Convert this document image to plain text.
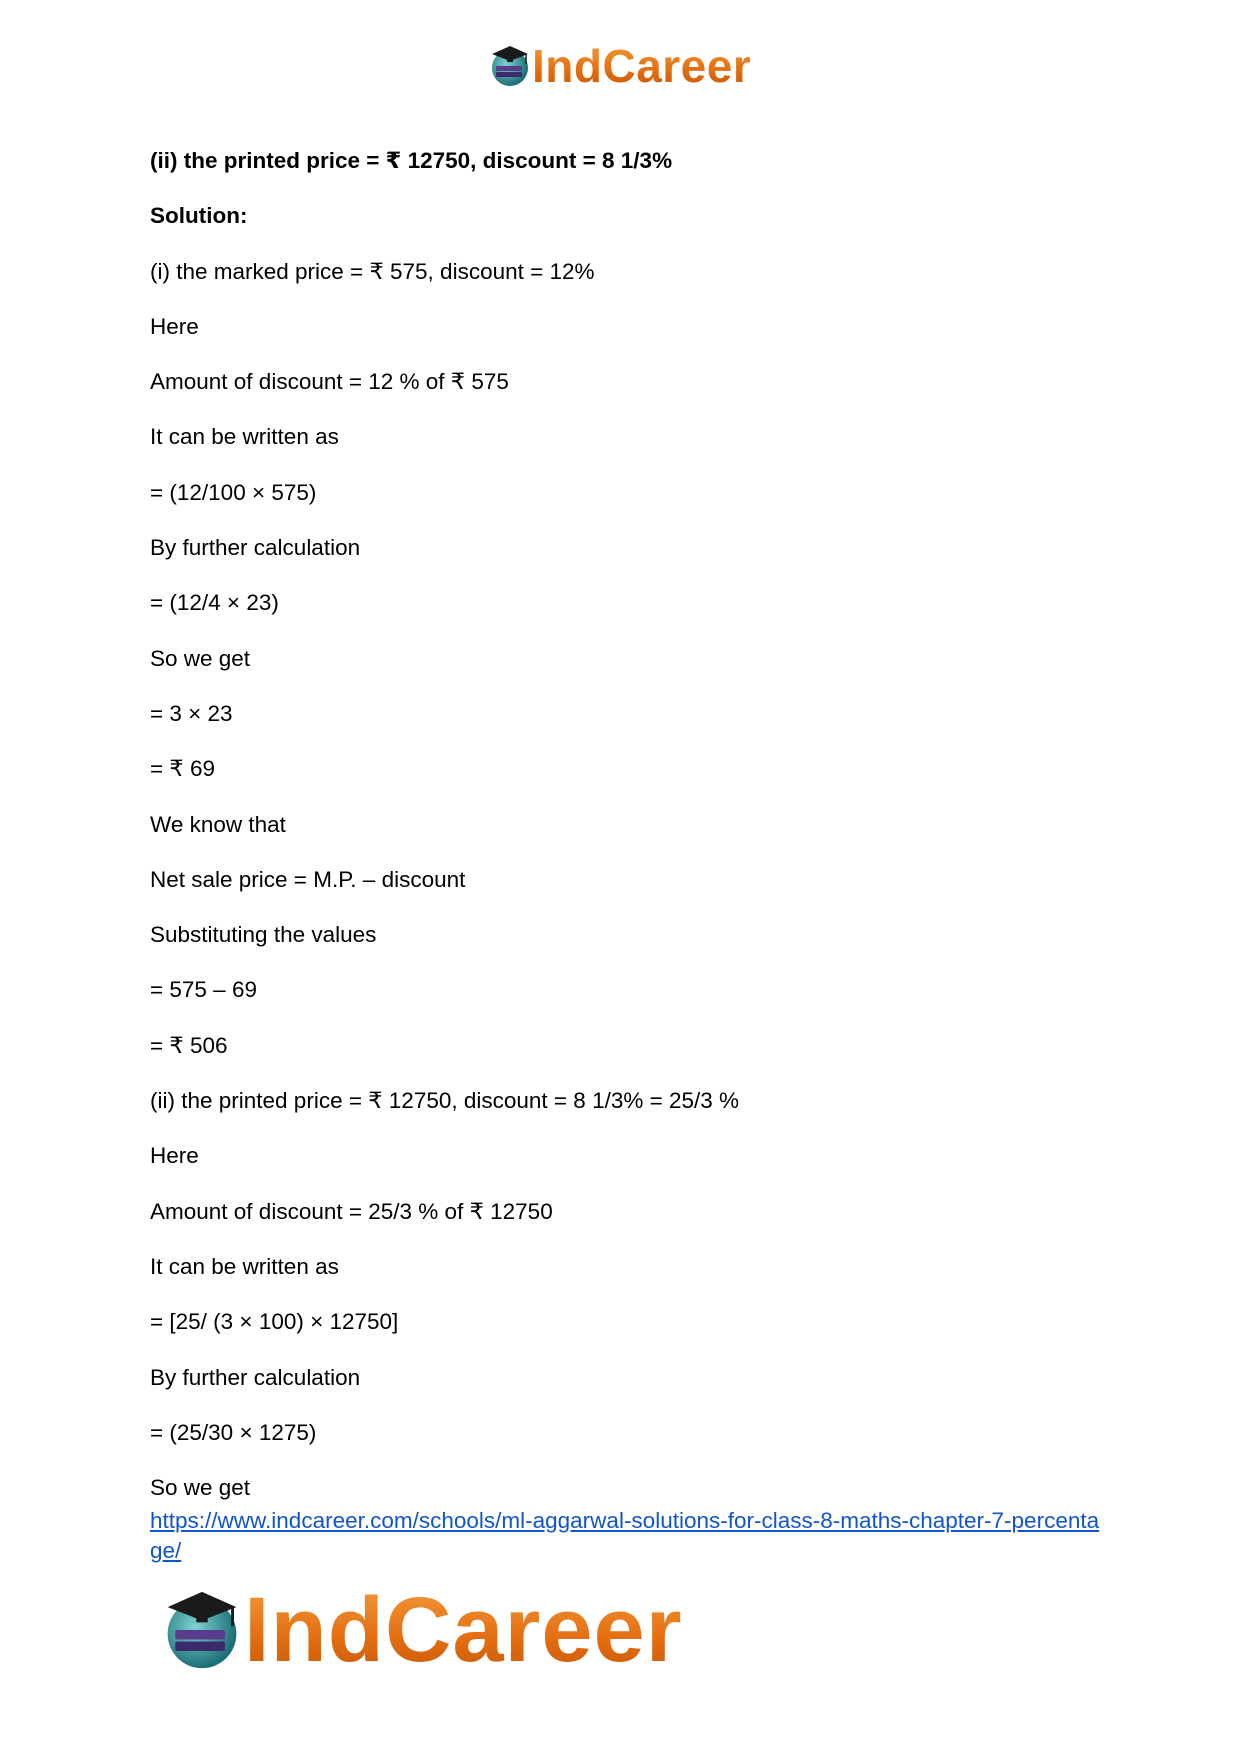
IndCareer
(ii) the printed price = ₹ 12750, discount = 8 1/3%
Solution:
(i) the marked price = ₹ 575, discount = 12%
Here
Amount of discount = 12 % of ₹ 575
It can be written as
= (12/100 × 575)
By further calculation
= (12/4 × 23)
So we get
= 3 × 23
= ₹ 69
We know that
Net sale price = M.P. – discount
Substituting the values
= 575 – 69
= ₹ 506
(ii) the printed price = ₹ 12750, discount = 8 1/3% = 25/3 %
Here
Amount of discount = 25/3 % of ₹ 12750
It can be written as
= [25/ (3 × 100) × 12750]
By further calculation
= (25/30 × 1275)
So we get
https://www.indcareer.com/schools/ml-aggarwal-solutions-for-class-8-maths-chapter-7-percentage/
IndCareer
